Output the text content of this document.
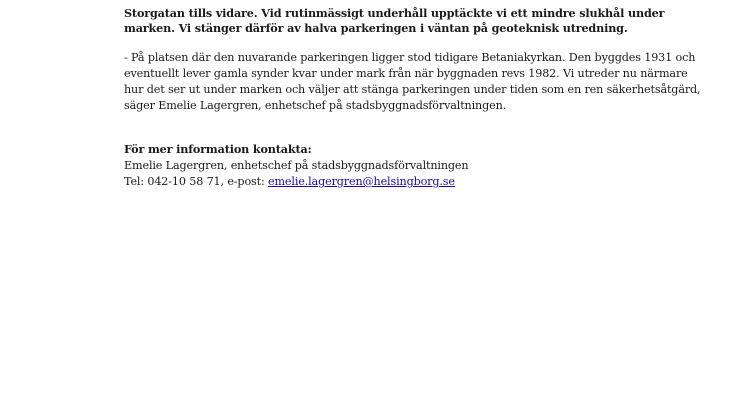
Storgatan tills vidare. Vid rutinmässigt underhåll upptäckte vi ett mindre slukhål under
marken. Vi stänger därför av halva parkeringen i väntan på geoteknisk utredning.
- På platsen där den nuvarande parkeringen ligger stod tidigare Betaniakyrkan. Den byggdes 1931 och
eventuellt lever gamla synder kvar under mark från när byggnaden revs 1982. Vi utreder nu närmare
hur det ser ut under marken och väljer att stänga parkeringen under tiden som en ren säkerhetsåtgärd,
säger Emelie Lagergren, enhetschef på stadsbyggnadsförvaltningen.
För mer information kontakta:
Emelie Lagergren, enhetschef på stadsbyggnadsförvaltningen
Tel: 042-10 58 71, e-post: emelie.lagergren@helsingborg.se
